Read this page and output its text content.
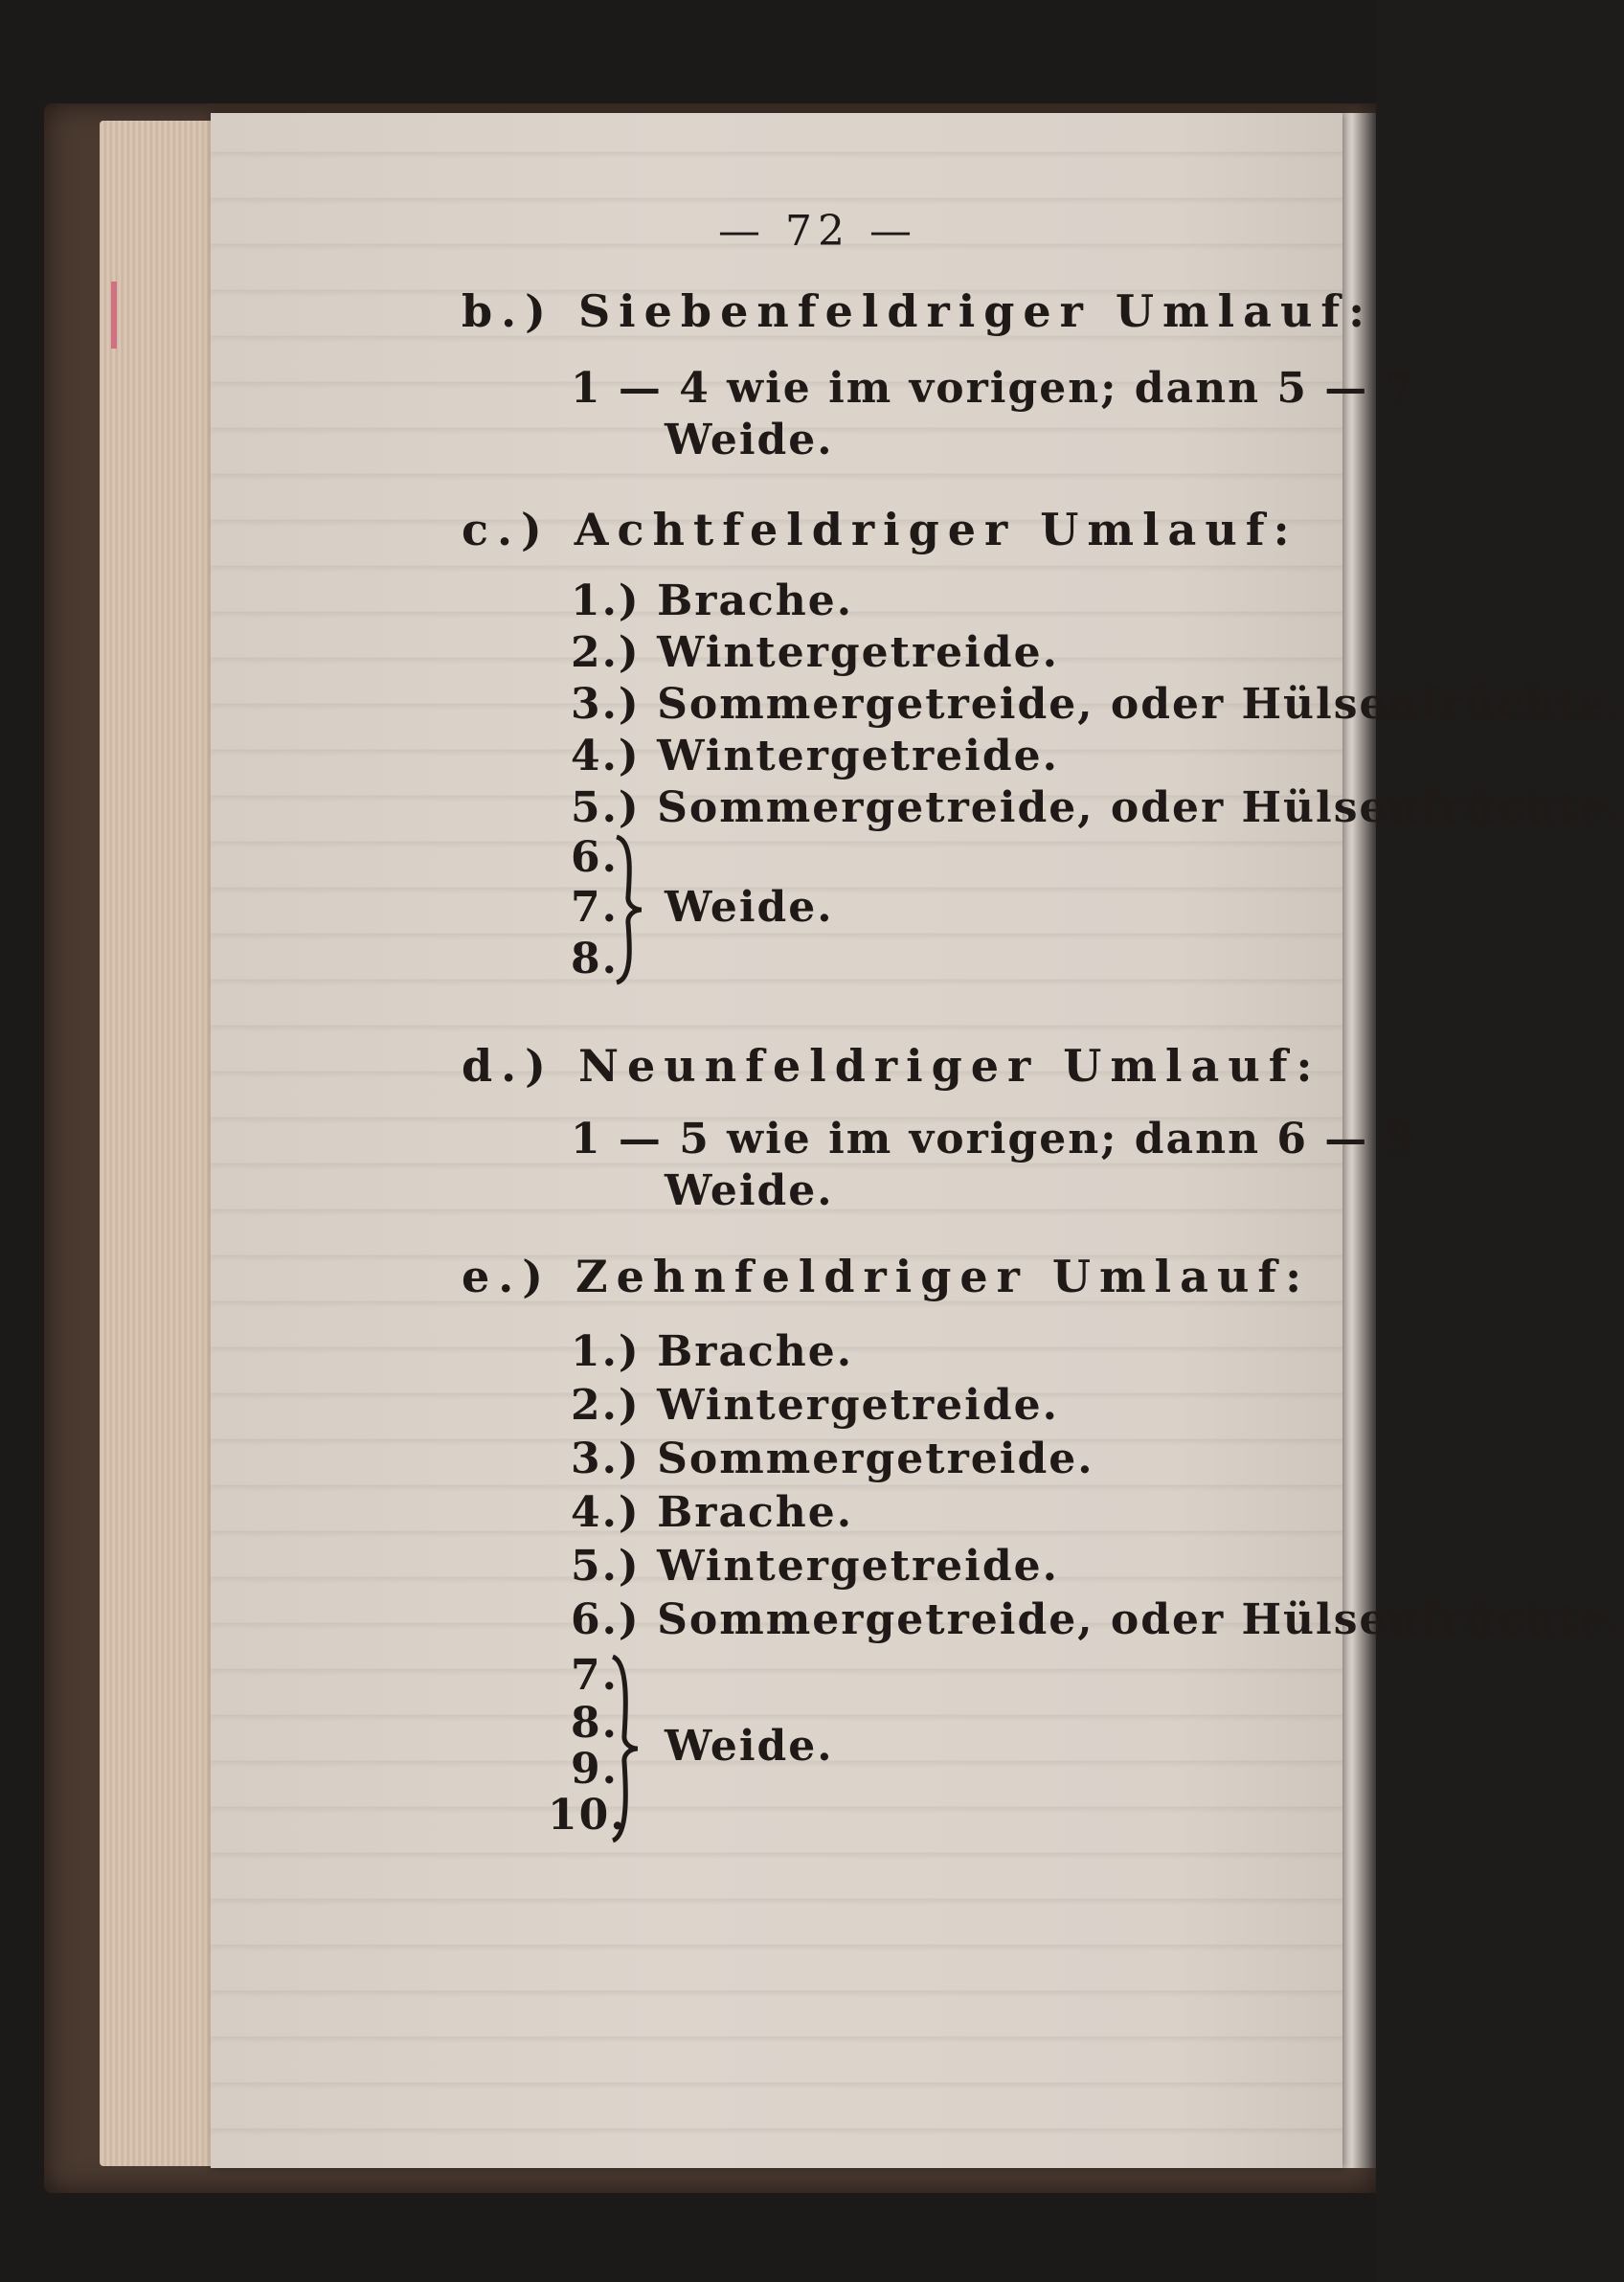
— 72 —
b.) Siebenfeldriger Umlauf:
1 — 4 wie im vorigen; dann 5 — 7
Weide.
c.) Achtfeldriger Umlauf:
1.) Brache.
2.) Wintergetreide.
3.) Sommergetreide, oder Hülsenfrüchte.
4.) Wintergetreide.
5.) Sommergetreide, oder Hülsenfrüchte.
6.
7.
8.
Weide.
d.) Neunfeldriger Umlauf:
1 — 5 wie im vorigen; dann 6 — 9
Weide.
e.) Zehnfeldriger Umlauf:
1.) Brache.
2.) Wintergetreide.
3.) Sommergetreide.
4.) Brache.
5.) Wintergetreide.
6.) Sommergetreide, oder Hülsenfrüchte.
7.
8.
9.
10.
Weide.
